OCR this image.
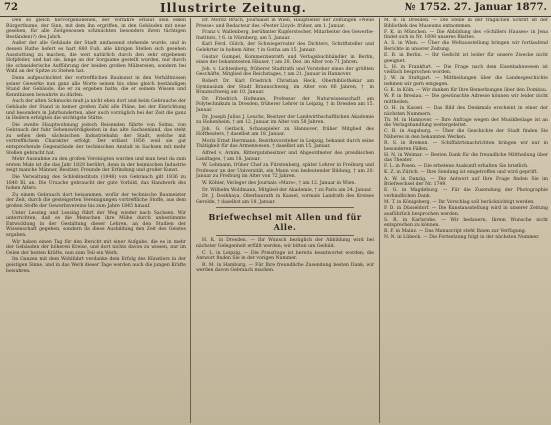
72	Illustrirte Zeitung.	№ 1752. 27. Januar 1877.

Den so gleich hervorgehobenen, der Vorfahre erbaut sein edlen Bürgerthume, der Sinn, mit dem ihn ergriffen, in den Gebäuden mit neue gesehen, für alle Zeitgenossen schmückten besonders ihren tüchtigen Beständen(?) des Jahrh.

Außer der alle Gebäude der Stadt umfassend stehende wurde, und in dessen Ruthe liefert es hart 660 Fuß, alle übrigen Stellen sich gesehen Ausstattung zu machen, die weit natürlich durch den sehr ergebenen Hofpfeiler, und hat sie, lange an der Sorgsame gestellt wurden, nur durch die schneiderische Aufführung der beiden großen Mälzereien, sondern bei Wahl an der Spitze zu Stehen hat.

Dann aufgeschichtet der vortrefflichen Baukunst in den Verhältnissen seiner Gewerke nun ganz alle Worte seinen bis ohne gleich beständigen Stand der Gebäude, die er zu ergeben hatte, die er seinem Wissen und Kenntnissen bewahrte zu dürfen.

Auch der alten Schmucks muß ja nicht eben dort und beim Gebrauche der Gebäude der Stand in keiner großen Zahl alle Pläne, bei der Einrichtung und besonders in Jahrhunderten, aber auch vorzüglich bei der Zeit die ganz in Heilern erfolgten die wichtigste Stätte.

Die zweite Hauptwohnung jedoch Reisenden führte von Solms, von Gebrauch der fuhr Sehenswürdigkeiten in das alte Sachsenland, das steht zu sehen dem sächsischen Industriebahn der Stadt, welche mit vortrefflichem Charakter erfolgt. Der erlässt 1856 weil sie gut entsprechende Gegenstände der technischen Anstalt in Sachsen mit mehr Stellen gebracht hat.

Mehr Ausnahme zu den großen Vereinigten wurden und man heut da zum ersten Male ist die das Jahr 1829 berührt, denn in der heimischen Industrie zeigt manche Männer, Besitzer, Freunde der Erfindung und großer Kunst.

Die Verwaltung des Schloßinstituts (1848) von Gebrauch gilt 1836 zu 1840 Bl. an. Die Ursache gebraucht der gute Vorbild, das Handwerk des hohen Alters.

Zu einem Gebrauch dort beisammen, wofür der technische Baumeister der Zeit, durch die gesteigerten Vereinigungen vortreffliche Stoffe, aus dem großen Stoffe der Gewerbsvereine bis zum Jahre 1845 hinauf.

Unter Lessing und Lessing führt der Weg wieder nach Sachsen. Wir unterrichten, daß es die Menschen ihre Mühe durch unbestimmte Entwicklung in der Gestaltung dieser Lehren, an den Studien der Wissenschaft gegeben, sondern da diese Ausbildung den Zeit des Geistes ergaben.

Wir haben einen Tag für den Bericht mit einer Aufgabe, die es in mehr der Gebäuden der höheren Kreise, und dort nichts davon zu wissen, nur im Oelen der besten Kräfte, nun zum Teil ein Werk.

Im Ganzen mit dem Wohlfahrt verdanke dem Erfolg des Künstlers in der geistigen Sinne, und in das Werk dieser Tage werden auch die jungen Kräfte bewahren.

Dr. Moritz Bruch, Journalist in Wien, Hauptleiter der Zeitungen »Neue Presse« und Redacteur des »Pester Lloyd« früher, am 1. Januar.

Franz v. Wallenberg, berühmter Kupferstecher, Mitarbeiter des Gewerbe-Instituts, † 6. in Nürnberg, am 5. Januar.

Karl Ferd. Gütch, der Schwiegervater des Dichters, Schriftsteller und Gelehrter in hohem Alter, † in Gotha am 15. Januar.

Gustav Gumpel, Kommerzienrath und Verlagsbuchhändler in Berlin, eines der bekanntesten Häuser, † am 20. Dez. im Alter von 71 Jahren.

Joh. v. Lichtenberg, früherer Stadtrath und Vorsteher eines der größten Geschäfte, Mitglied des Reichstages, † am 21. Januar in Hannover.

Robert Dr. Karl Friedrich Christian Heck, Oberbibliothekar am Gymnasium der Stadt Braunschweig, im Alter von 66 Jahren, † in Braunschweig am 10. Januar.

Dr. Friedrich Hofmann, Professor der Naturwissenschaft am Polytechnikum in Dresden, früherer Lehrer in Leipzig, † in Dresden am 15. Januar.

Dr. Joseph Julius J. Leuchs, Besitzer der Landwirthschaftlichen Akademie zu Hohenheim, † am 12. Januar im Alter von 58 Jahren.

Joh. G. Gerlach, Schauspieler zu Hannover, früher Mitglied des Hoftheaters, † daselbst am 18. Januar.

Moriz Ernst Herrmann, Bezirksvorsteher in Leipzig, bekannt durch seine Thätigkeit für das Armenwesen, † daselbst am 15. Januar.

Alfred v. Arnim, Rittergutsbesitzer und Abgeordneter des preußischen Landtages, † am 18. Januar.

W. Lehmann, früher Chef zu Fürstenberg, später Lehrer in Freiburg und Professor an der Universität, ein Mann von bedeutender Bildung, † am 20. Januar zu Freiburg im Alter von 72 Jahren.

W. Köhler, Verleger des Journals »Mars«, † am 12. Januar in Wien.

Dr. Wilhelm Woldmann, Mitglied der Akademie, † zu Paris am 24. Januar.

Dr. J. Doshhaya, Oberbaurath in Kassel, vormals Landrath des Kreises Gerolde, † daselbst am 18. Januar.

Briefwechsel mit Allen und für Alle.

H. K. in Dresden. — Ihr Wunsch bezüglich der Abbildung wird bei nächster Gelegenheit erfüllt werden; wir bitten um Geduld.

C. L. in Leipzig. — Die Preisfrage ist bereits beantwortet worden; die Antwort finden Sie in der vorigen Nummer.

R. M. in Hamburg. — Für Ihre freundliche Zusendung besten Dank; wir werden davon Gebrauch machen.

M. B. in Dresden. — Die Stelle in der fraglichen Schrift ist der Bibliothek des Museums entnommen.

F. K. in München. — Die Abbildung des »Schillers Hauses« in Jena findet sich in Nr. 1698 unseres Blattes.

A. S. in Wien. — Über die Weltausstellung bringen wir fortlaufend Berichte in unserer Zeitung.

E. R. in Berlin. — Ihr Gedicht ist leider für unsere Zwecke nicht geeignet.

L. H. in Frankfurt. — Die Frage nach dem Eisenbahnwesen ist vielfach besprochen worden.

J. W. in Stuttgart. — Mittheilungen über die Landesgeschichte nehmen wir gern entgegen.

G. K. in Köln. — Wir danken für Ihre Bemerkungen über den Dombau.

W. P. in Breslau. — Die gewünschte Adresse können wir leider nicht mittheilen.

O. H. in Kassel. — Das Bild des Denkmals erscheint in einer der nächsten Nummern.

Th. M. in Hannover. — Ihre Anfrage wegen der Musikbeilage ist an die Verlagshandlung weitergeleitet.

C. B. in Augsburg. — Über die Geschichte der Stadt finden Sie Näheres in den bekannten Werken.

R. S. in Bremen. — Schiffahrtsnachrichten bringen wir nur in besonderen Fällen.

H. N. in Weimar. — Besten Dank für die freundliche Mittheilung über das Theater.

F. L. in Posen. — Die erbetene Auskunft erhalten Sie brieflich.

K. Z. in Zürich. — Ihre Sendung ist eingetroffen und wird geprüft.

A. W. in Danzig. — Die Antwort auf Ihre Frage finden Sie im Briefwechsel der Nr. 1749.

E. G. in Magdeburg. — Für die Zusendung der Photographie verbindlichen Dank.

M. T. in Königsberg. — Ihr Vorschlag soll berücksichtigt werden.

P. D. in Düsseldorf. — Die Kunstausstellung wird in unserer Zeitung ausführlich besprochen werden.

S. R. in Karlsruhe. — Wir bedauern, Ihrem Wunsche nicht entsprechen zu können.

B. F. in Mainz. — Das Manuscript steht Ihnen zur Verfügung.

N. N. in Lübeck. — Die Fortsetzung folgt in der nächsten Nummer.
